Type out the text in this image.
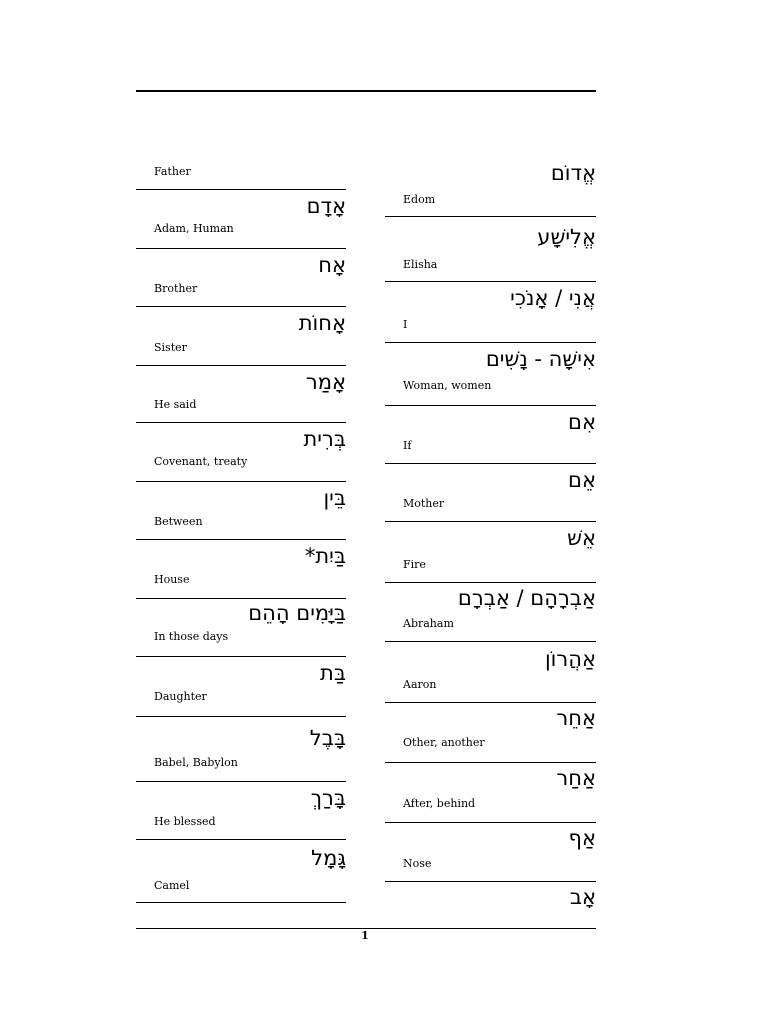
Father
אָדָם
Adam, Human
אָח
Brother
אָחוֹת
Sister
אָמַר
He said
בְּרִית
Covenant, treaty
בֵּין
Between
בַּיִת*
House
בַּיָּמִים הָהֵם
In those days
בַּת
Daughter
בָּבֶל
Babel, Babylon
בָּרַךְ
He blessed
גָּמָל
Camel
אֱדוֹם
Edom
אֱלִישָׁע
Elisha
אֲנִי / אָנֹכִי
I
אִישָּׁה - נָשִׁים
Woman, women
אִם
If
אֵם
Mother
אֵשׁ
Fire
אַבְרָהָם / אַבְרָם
Abraham
אַהֲרוֹן
Aaron
אַחֵר
Other, another
אַחַר
After, behind
אַף
Nose
אָב
1
